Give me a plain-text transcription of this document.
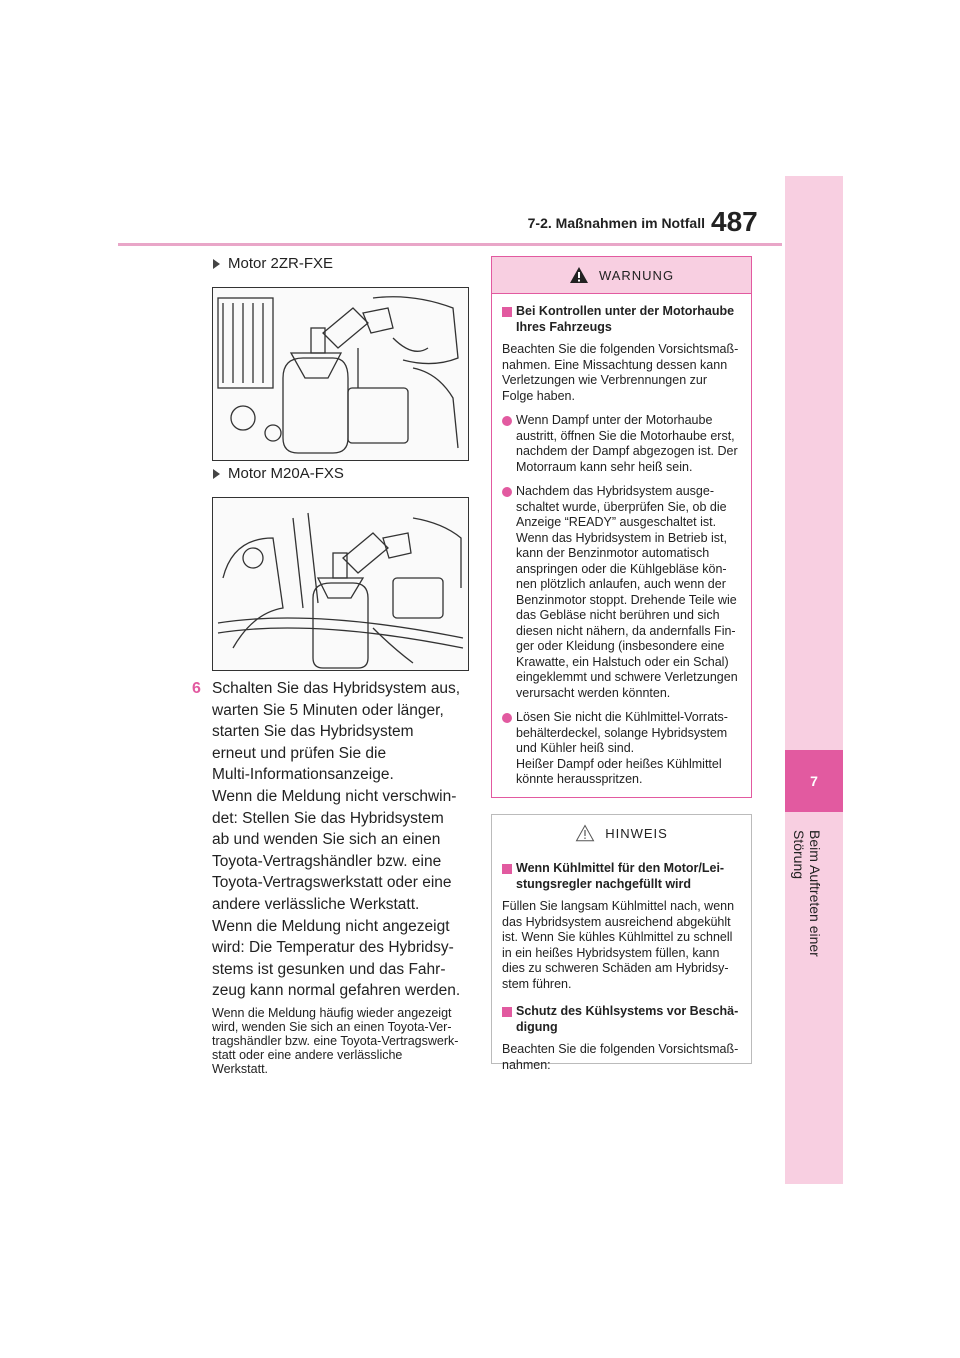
7-2. Maßnahmen im Notfall 487
7
Beim Auftreten einer Störung
Motor 2ZR-FXE
Motor M20A-FXS
6 Schalten Sie das Hybridsystem aus,
warten Sie 5 Minuten oder länger,
starten Sie das Hybridsystem
erneut und prüfen Sie die
Multi-Informationsanzeige.
Wenn die Meldung nicht verschwin-
det: Stellen Sie das Hybridsystem
ab und wenden Sie sich an einen
Toyota-Vertragshändler bzw. eine
Toyota-Vertragswerkstatt oder eine
andere verlässliche Werkstatt.
Wenn die Meldung nicht angezeigt
wird: Die Temperatur des Hybridsy-
stems ist gesunken und das Fahr-
zeug kann normal gefahren werden.
Wenn die Meldung häufig wieder angezeigt
wird, wenden Sie sich an einen Toyota-Ver-
tragshändler bzw. eine Toyota-Vertragswerk-
statt oder eine andere verlässliche
Werkstatt.
WARNUNG
Bei Kontrollen unter der Motorhaube
Ihres Fahrzeugs
Beachten Sie die folgenden Vorsichtsmaß-
nahmen. Eine Missachtung dessen kann
Verletzungen wie Verbrennungen zur
Folge haben.
Wenn Dampf unter der Motorhaube
austritt, öffnen Sie die Motorhaube erst,
nachdem der Dampf abgezogen ist. Der
Motorraum kann sehr heiß sein.
Nachdem das Hybridsystem ausge-
schaltet wurde, überprüfen Sie, ob die
Anzeige “READY” ausgeschaltet ist.
Wenn das Hybridsystem in Betrieb ist,
kann der Benzinmotor automatisch
anspringen oder die Kühlgebläse kön-
nen plötzlich anlaufen, auch wenn der
Benzinmotor stoppt. Drehende Teile wie
das Gebläse nicht berühren und sich
diesen nicht nähern, da andernfalls Fin-
ger oder Kleidung (insbesondere eine
Krawatte, ein Halstuch oder ein Schal)
eingeklemmt und schwere Verletzungen
verursacht werden könnten.
Lösen Sie nicht die Kühlmittel-Vorrats-
behälterdeckel, solange Hybridsystem
und Kühler heiß sind.
Heißer Dampf oder heißes Kühlmittel
könnte herausspritzen.
HINWEIS
Wenn Kühlmittel für den Motor/Lei-
stungsregler nachgefüllt wird
Füllen Sie langsam Kühlmittel nach, wenn
das Hybridsystem ausreichend abgekühlt
ist. Wenn Sie kühles Kühlmittel zu schnell
in ein heißes Hybridsystem füllen, kann
dies zu schweren Schäden am Hybridsy-
stem führen.
Schutz des Kühlsystems vor Beschä-
digung
Beachten Sie die folgenden Vorsichtsmaß-
nahmen:
